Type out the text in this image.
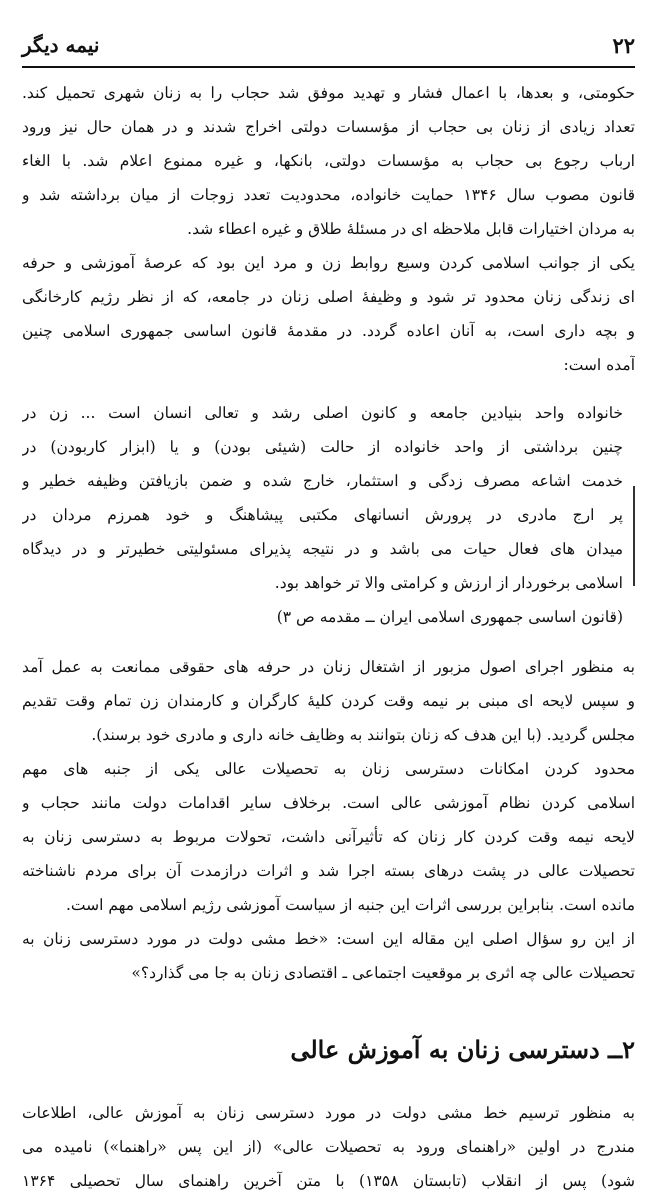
۲۲
نیمه دیگر
حکومتی، و بعدها، با اعمال فشار و تهدید موفق شد حجاب را به زنان شهری تحمیل کند.
تعداد زیادی از زنان بی حجاب از مؤسسات دولتی اخراج شدند و در همان حال نیز ورود
ارباب رجوع بی حجاب به مؤسسات دولتی، بانکها، و غیره ممنوع اعلام شد. با الغاء
قانون مصوب سال ۱۳۴۶ حمایت خانواده، محدودیت تعدد زوجات از میان برداشته شد و
به مردان اختیارات قابل ملاحظه ای در مسئلهٔ طلاق و غیره اعطاء شد.
یکی از جوانب اسلامی کردن وسیع روابط زن و مرد این بود که عرصهٔ آموزشی و حرفه
ای زندگی زنان محدود تر شود و وظیفهٔ اصلی زنان در جامعه، که از نظر رژیم کارخانگی
و بچه داری است، به آنان اعاده گردد. در مقدمهٔ قانون اساسی جمهوری اسلامی چنین
آمده است:
خانواده واحد بنیادین جامعه و کانون اصلی رشد و تعالی انسان است ... زن در
چنین برداشتی از واحد خانواده از حالت (شیئی بودن) و یا (ابزار کاربودن) در
خدمت اشاعه مصرف زدگی و استثمار، خارج شده و ضمن بازیافتن وظیفه خطیر و
پر ارج مادری در پرورش انسانهای مکتبی پیشاهنگ و خود همرزم مردان در
میدان های فعال حیات می باشد و در نتیجه پذیرای مسئولیتی خطیرتر و در دیدگاه
اسلامی برخوردار از ارزش و کرامتی والا تر خواهد بود.
(قانون اساسی جمهوری اسلامی ایران ــ مقدمه ص ۳)
به منظور اجرای اصول مزبور از اشتغال زنان در حرفه های حقوقی ممانعت به عمل آمد
و سپس لایحه ای مبنی بر نیمه وقت کردن کلیهٔ کارگران و کارمندان زن تمام وقت تقدیم
مجلس گردید. (با این هدف که زنان بتوانند به وظایف خانه داری و مادری خود برسند).
محدود کردن امکانات دسترسی زنان به تحصیلات عالی یکی از جنبه های مهم
اسلامی کردن نظام آموزشی عالی است. برخلاف سایر اقدامات دولت مانند حجاب و
لایحه نیمه وقت کردن کار زنان که تأثیرآنی داشت، تحولات مربوط به دسترسی زنان به
تحصیلات عالی در پشت درهای بسته اجرا شد و اثرات درازمدت آن برای مردم ناشناخته
مانده است. بنابراین بررسی اثرات این جنبه از سیاست آموزشی رژیم اسلامی مهم است.
از این رو سؤال اصلی این مقاله این است: «خط مشی دولت در مورد دسترسی زنان به
تحصیلات عالی چه اثری بر موقعیت اجتماعی ـ اقتصادی زنان به جا می گذارد؟»
۲ــ دسترسی زنان به آموزش عالی
به منظور ترسیم خط مشی دولت در مورد دسترسی زنان به آموزش عالی، اطلاعات
مندرج در اولین «راهنمای ورود به تحصیلات عالی» (از این پس «راهنما») نامیده می
شود) پس از انقلاب (تابستان ۱۳۵۸) با متن آخرین راهنمای سال تحصیلی ۱۳۶۴
